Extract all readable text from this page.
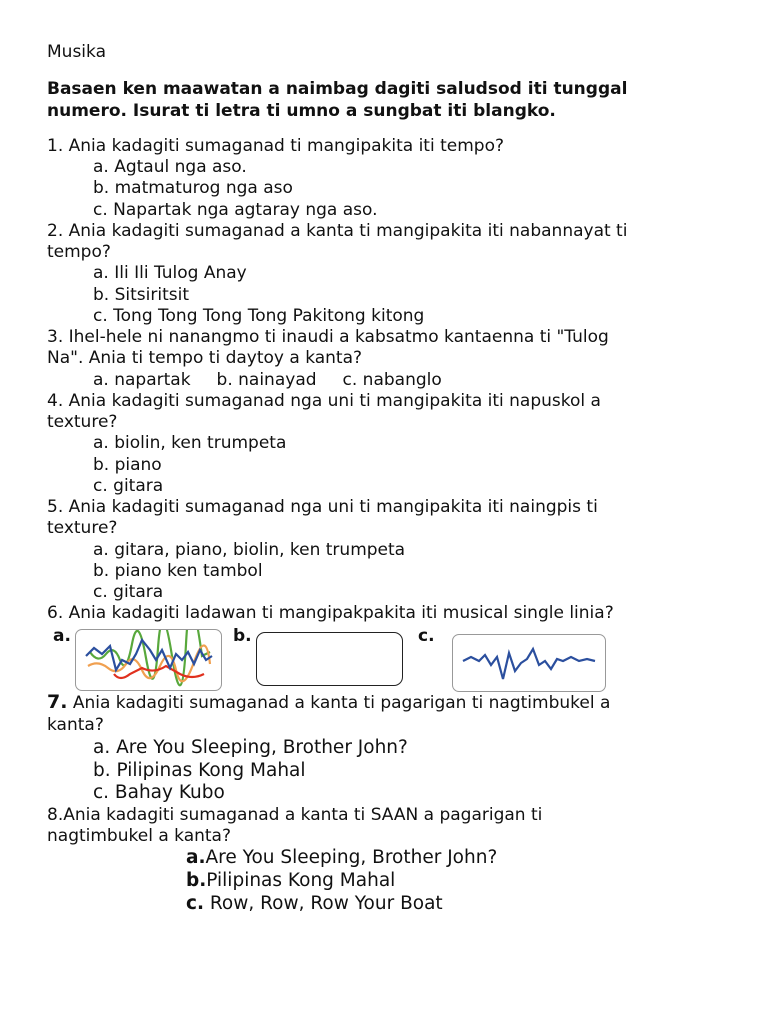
Musika
Basaen ken maawatan a naimbag dagiti saludsod iti tunggal
numero. Isurat ti letra ti umno a sungbat iti blangko.
1. Ania kadagiti sumaganad ti mangipakita iti tempo?
a. Agtaul nga aso.
b. matmaturog nga aso
c. Napartak nga agtaray nga aso.
2. Ania kadagiti sumaganad a kanta ti mangipakita iti nabannayat ti
tempo?
a. Ili Ili Tulog Anay
b. Sitsiritsit
c. Tong Tong Tong Tong Pakitong kitong
3. Ihel-hele ni nanangmo ti inaudi a kabsatmo kantaenna ti "Tulog
Na". Ania ti tempo ti daytoy a kanta?
a. napartak b. nainayad c. nabanglo
4. Ania kadagiti sumaganad nga uni ti mangipakita iti napuskol a
texture?
a. biolin, ken trumpeta
b. piano
c. gitara
5. Ania kadagiti sumaganad nga uni ti mangipakita iti naingpis ti
texture?
a. gitara, piano, biolin, ken trumpeta
b. piano ken tambol
c. gitara
6. Ania kadagiti ladawan ti mangipakpakita iti musical single linia?
a.	b.	c.
7. Ania kadagiti sumaganad a kanta ti pagarigan ti nagtimbukel a
kanta?
a. Are You Sleeping, Brother John?
b. Pilipinas Kong Mahal
c. Bahay Kubo
8.Ania kadagiti sumaganad a kanta ti SAAN a pagarigan ti
nagtimbukel a kanta?
a.Are You Sleeping, Brother John?
b.Pilipinas Kong Mahal
c. Row, Row, Row Your Boat
